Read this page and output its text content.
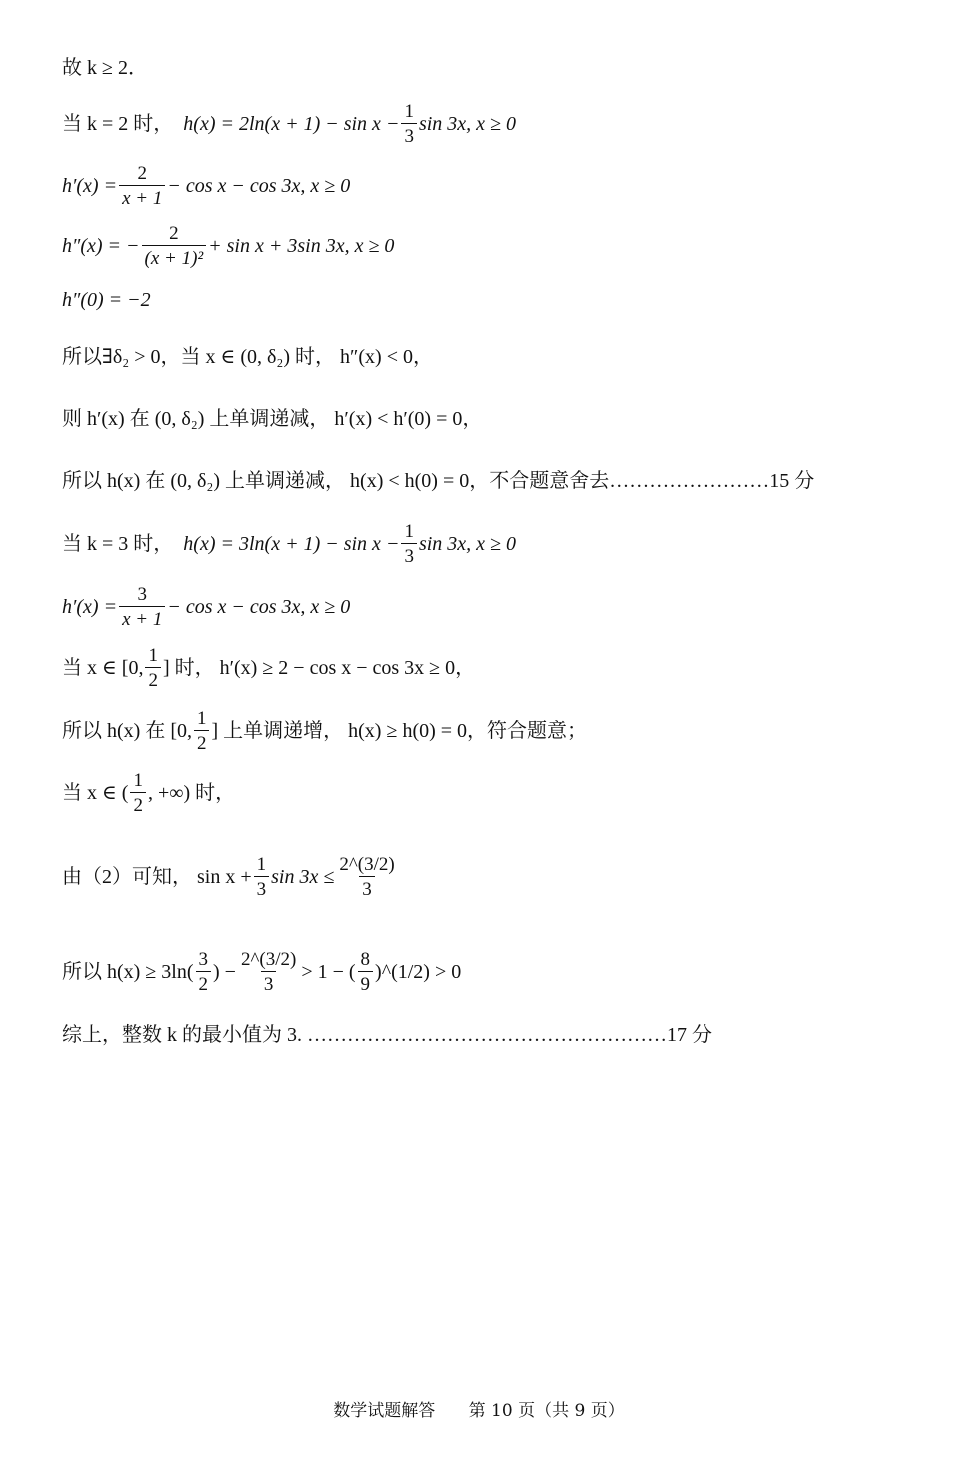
故 k ≥ 2．
当 k = 2 时，
$h(x) = 2\ln(x + 1) - \sin x - \frac{1}{3}$ sin 3x, x ≥ 0
$h'(x) = \frac{2}{x + 1} - \cos x - \cos 3x$, x ≥ 0
h″(x) = − $\frac{2}{\text{(x + 1)²}} + \sin x + 3\sin$ 3x, x ≥ 0
h″(0) = −2
所以∃δ₂ > 0，当 x ∈ (0, δ₂) 时， h″(x) < 0，
则 h′(x) 在 (0, δ₂) 上单调递减， h′(x) < h′(0) = 0，
所以 h(x) 在 (0, δ₂) 上单调递减， h(x) < h(0) = 0，不合题意舍去……………………15 分
当 k = 3 时，
$h(x) = 3\ln(x + 1) - \sin x - \frac{1}{3}$ sin 3x, x ≥ 0
$h'(x) = \frac{3}{x + 1} - \cos x - \cos 3x$, x ≥ 0
当 x ∈ [0, $\frac{1}{2}$ ] 时， h′(x) ≥ 2 − cos x − cos 3x ≥ 0，
所以 h(x) 在 [0, $\frac{1}{2}$ ] 上单调递增， h(x) ≥ h(0) = 0，符合题意；
当 x ∈ ( $\frac{1}{2}$ , +∞) 时，
由（2）可知， $\sin x + \frac{1}{3}$ $\sin 3x \le \frac{2\^{}(3/2)}{3}$
所以 $h(x) \ge 3\ln( \frac{3}{2}$ ) − $\frac{2\^{}(3/2)}{3} > 1$ − ( $\frac{8}{9}$ )^(1/2) > 0
综上，整数 k 的最小值为 3. ………………………………………………17 分
数学试题解答 第 10 页（共 9 页）
